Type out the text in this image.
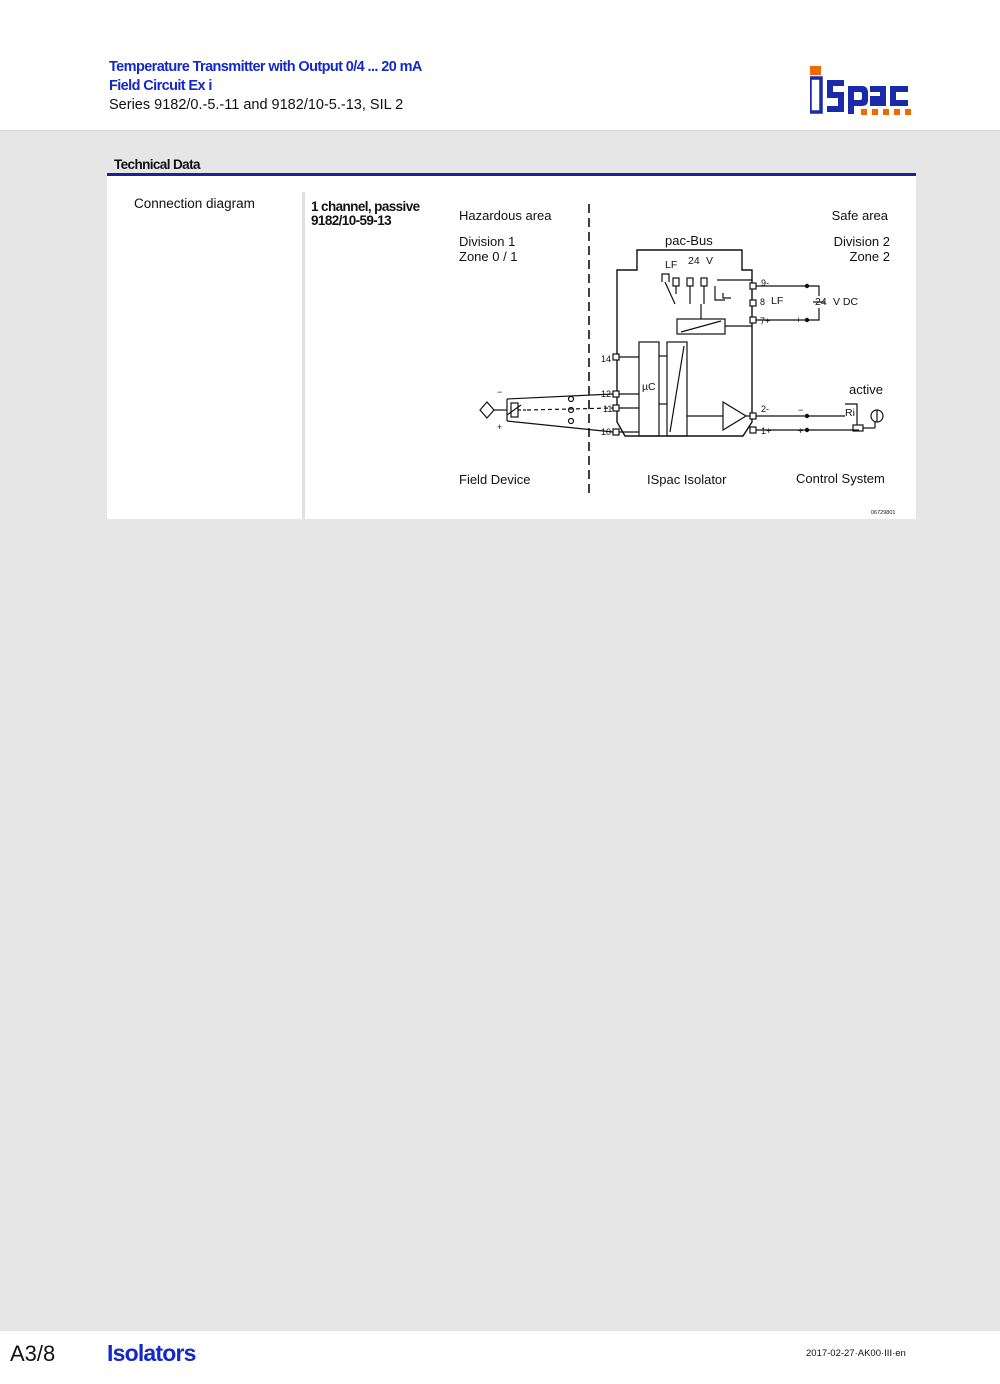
Temperature Transmitter with Output 0/4 ... 20 mA
Field Circuit Ex i
Series 9182/0.-5.-11 and 9182/10-5.-13, SIL 2
Technical Data
Connection diagram	1 channel, passive
9182/10-59-13	Hazardous area
Division 1
Zone 0 / 1
pac-Bus
Safe area
Division 2
Zone 2
active
Field Device	ISpac Isolator	Control System
LF 24 V
LF	24 V DC
µC
Ri
9-
8
7+
14
12
11
10
2-
1+
−
+
−
+
−
+
06729801
A3/8 Isolators	2017-02-27·AK00·III·en
